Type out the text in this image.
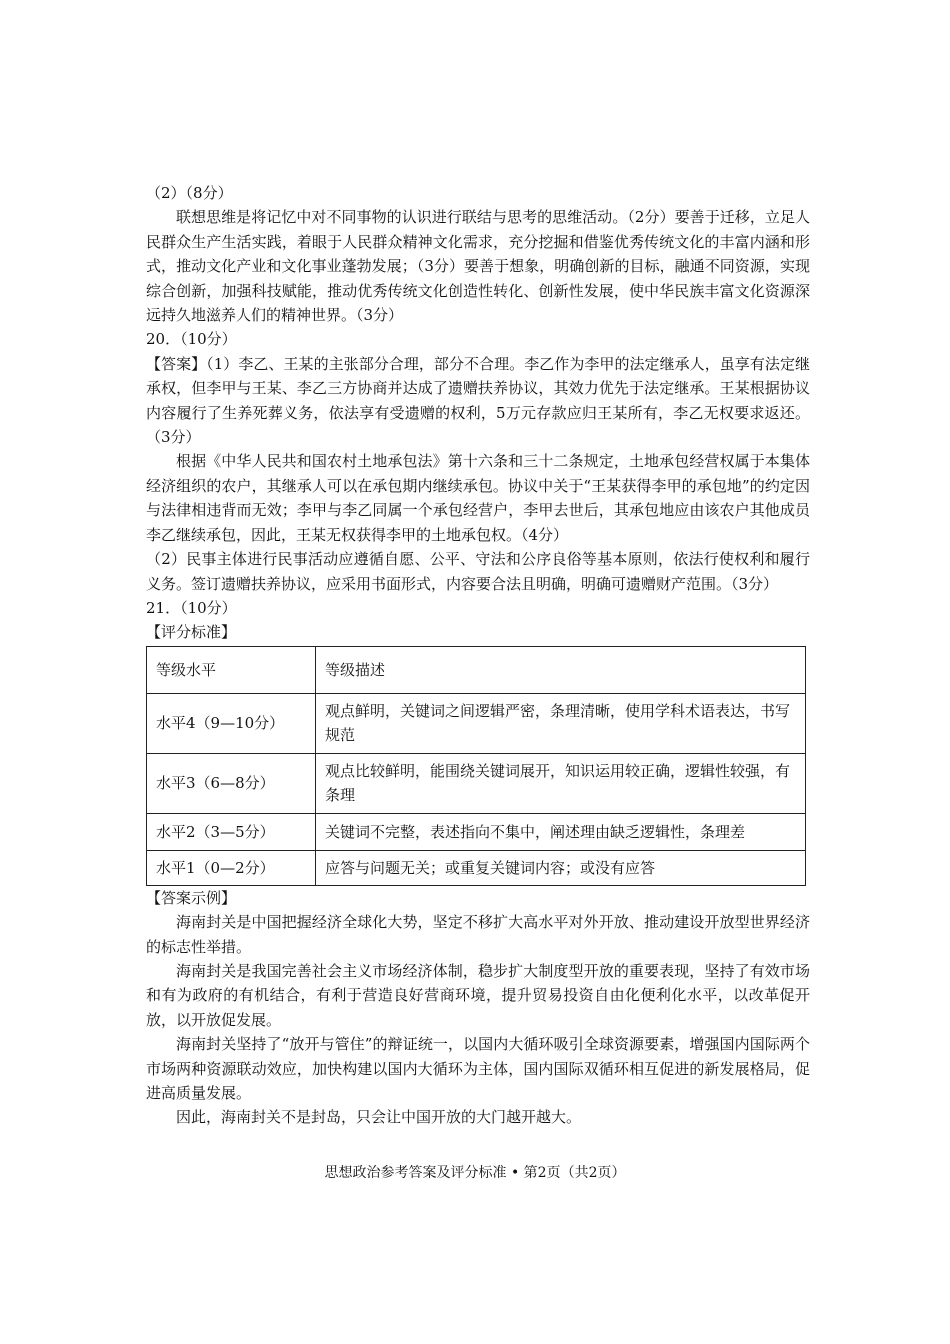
（2）（8分）

联想思维是将记忆中对不同事物的认识进行联结与思考的思维活动。（2分）要善于迁移，立足人民群众生产生活实践，着眼于人民群众精神文化需求，充分挖掘和借鉴优秀传统文化的丰富内涵和形式，推动文化产业和文化事业蓬勃发展；（3分）要善于想象，明确创新的目标，融通不同资源，实现综合创新，加强科技赋能，推动优秀传统文化创造性转化、创新性发展，使中华民族丰富文化资源深远持久地滋养人们的精神世界。（3分）

20．（10分）

【答案】（1）李乙、王某的主张部分合理，部分不合理。李乙作为李甲的法定继承人，虽享有法定继承权，但李甲与王某、李乙三方协商并达成了遗赠扶养协议，其效力优先于法定继承。王某根据协议内容履行了生养死葬义务，依法享有受遗赠的权利，5万元存款应归王某所有，李乙无权要求返还。（3分）

根据《中华人民共和国农村土地承包法》第十六条和三十二条规定，土地承包经营权属于本集体经济组织的农户，其继承人可以在承包期内继续承包。协议中关于“王某获得李甲的承包地”的约定因与法律相违背而无效；李甲与李乙同属一个承包经营户，李甲去世后，其承包地应由该农户其他成员李乙继续承包，因此，王某无权获得李甲的土地承包权。（4分）

（2）民事主体进行民事活动应遵循自愿、公平、守法和公序良俗等基本原则，依法行使权利和履行义务。签订遗赠扶养协议，应采用书面形式，内容要合法且明确，明确可遗赠财产范围。（3分）

21．（10分）

【评分标准】

等级水平	等级描述
水平4（9—10分）	观点鲜明，关键词之间逻辑严密，条理清晰，使用学科术语表达，书写规范
水平3（6—8分）	观点比较鲜明，能围绕关键词展开，知识运用较正确，逻辑性较强，有条理
水平2（3—5分）	关键词不完整，表述指向不集中，阐述理由缺乏逻辑性，条理差
水平1（0—2分）	应答与问题无关；或重复关键词内容；或没有应答

【答案示例】

海南封关是中国把握经济全球化大势，坚定不移扩大高水平对外开放、推动建设开放型世界经济的标志性举措。

海南封关是我国完善社会主义市场经济体制，稳步扩大制度型开放的重要表现，坚持了有效市场和有为政府的有机结合，有利于营造良好营商环境，提升贸易投资自由化便利化水平，以改革促开放，以开放促发展。

海南封关坚持了“放开与管住”的辩证统一，以国内大循环吸引全球资源要素，增强国内国际两个市场两种资源联动效应，加快构建以国内大循环为主体，国内国际双循环相互促进的新发展格局，促进高质量发展。

因此，海南封关不是封岛，只会让中国开放的大门越开越大。

思想政治参考答案及评分标准 • 第2页（共2页）
